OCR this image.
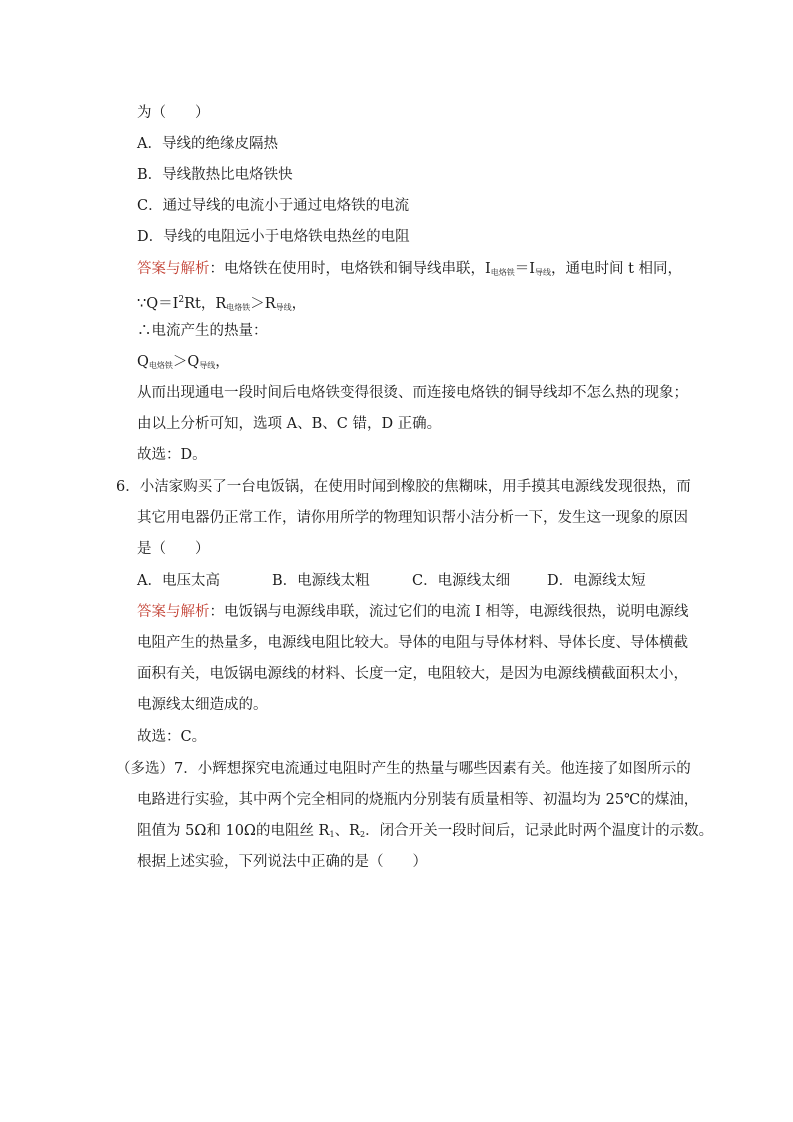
为（　　）
A．导线的绝缘皮隔热
B．导线散热比电烙铁快
C．通过导线的电流小于通过电烙铁的电流
D．导线的电阻远小于电烙铁电热丝的电阻
答案与解析：电烙铁在使用时，电烙铁和铜导线串联，$I_{电烙铁}=I_{导线}$，通电时间 t 相同，
$\because Q=I^2Rt$，$R_{电烙铁}>R_{导线}$，
∴电流产生的热量：
$Q_{电烙铁}>Q_{导线}$，
从而出现通电一段时间后电烙铁变得很烫、而连接电烙铁的铜导线却不怎么热的现象；
由以上分析可知，选项 A、B、C 错，D 正确。
故选：D。
6．小洁家购买了一台电饭锅，在使用时闻到橡胶的焦糊味，用手摸其电源线发现很热，而
其它用电器仍正常工作，请你用所学的物理知识帮小洁分析一下，发生这一现象的原因
是（　　）
A．电压太高	B．电源线太粗	C．电源线太细	D．电源线太短
答案与解析：电饭锅与电源线串联，流过它们的电流 I 相等，电源线很热，说明电源线
电阻产生的热量多，电源线电阻比较大。导体的电阻与导体材料、导体长度、导体横截
面积有关，电饭锅电源线的材料、长度一定，电阻较大，是因为电源线横截面积太小，
电源线太细造成的。
故选：C。
（多选）7．小辉想探究电流通过电阻时产生的热量与哪些因素有关。他连接了如图所示的
电路进行实验，其中两个完全相同的烧瓶内分别装有质量相等、初温均为 25℃的煤油，
阻值为 5Ω和 10Ω的电阻丝 $R_1$、$R_2$．闭合开关一段时间后，记录此时两个温度计的示数。
根据上述实验，下列说法中正确的是（　　）
